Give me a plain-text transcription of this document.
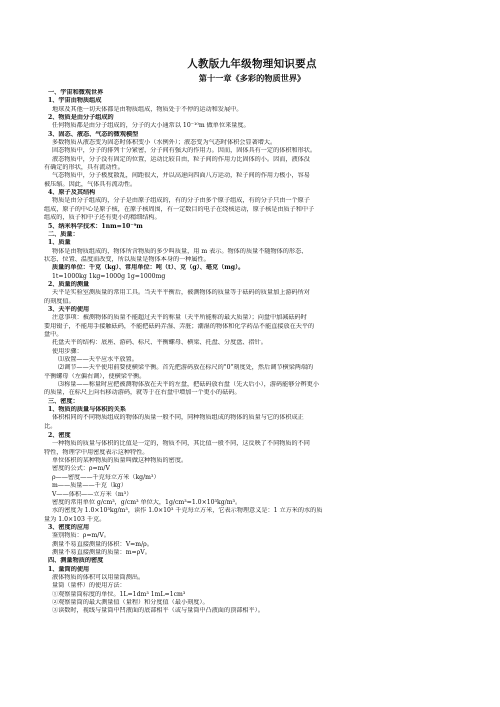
人教版九年级物理知识要点
第十一章《多彩的物质世界》
一、宇宙和微观世界
1、宇宙由物质组成
地球及其他一切天体都是由物质组成，物质处于不停的运动和发展中。
2、物质是由分子组成的
任何物质都是由分子组成的，分子的大小通常以 10⁻¹⁰m 做单位来量度。
3、固态、液态、气态的微观模型
多数物质从液态变为固态时体积变小（水例外）；液态变为气态时体积会显著增大。
固态物质中，分子的排列十分紧密，分子间有强大的作用力。因而，固体具有一定的体积和形状。
液态物质中，分子没有固定的位置，运动比较自由，粒子间的作用力比固体的小。因而，液体没
有确定的形状，具有流动性。
气态物质中，分子极度散乱，间距很大，并以高速向四面八方运动，粒子间的作用力极小，容易
被压缩。因此，气体具有流动性。
4、原子及其结构
物质是由分子组成的，分子是由原子组成的，有的分子由多个原子组成，有的分子只由一个原子
组成，原子的中心是原子核，在原子核周围，有一定数目的电子在绕核运动，原子核是由质子和中子
组成的，质子和中子还有更小的精细结构。
5、纳米科学技术：1nm=10⁻⁹m
二、质量：
1、质量
物体是由物质组成的，物体所含物质的多少叫质量，用 m 表示。物体的质量不随物体的形态、
状态、位置、温度而改变，所以质量是物体本身的一种属性。
质量的单位：千克（kg）、常用单位：吨（t）、克（g）、毫克（mg）。
1t=1000kg 1kg=1000g 1g=1000mg
2、质量的测量
天平是实验室测质量的常用工具。当天平平衡后，被测物体的质量等于砝码的质量加上游码所对
的刻度值。
3、天平的使用
注意事项：被测物体的质量不能超过天平的称量（天平所能称的最大质量）；向盘中加减砝码时
要用镊子，不能用手接触砝码，不能把砝码弄湿、弄脏；潮湿的物体和化学药品不能直接放在天平的
盘中。
托盘天平的结构：底座、游码、标尺、平衡螺母、横梁、托盘、分度盘、指针。
使用步骤：
⑴放置——天平应水平放置。
⑵调节——天平使用前要使横梁平衡。首先把游码放在标尺的"0"刻度处，然后调节横梁两端的
平衡螺母（左偏右调），使横梁平衡。
⑶称量——称量时应把被测物体放在天平的左盘，把砝码放右盘（先大后小），游码能够分辨更小
的质量，在标尺上向右移动游码，就等于在右盘中增加一个更小的砝码。
三、密度：
1、物质的质量与体积的关系
体积相同的不同物质组成的物体的质量一般不同，同种物质组成的物体的质量与它的体积成正
比。
2、密度
一种物质的质量与体积的比值是一定的，物质不同，其比值一般不同，这反映了不同物质的不同
特性，物理学中用密度表示这种特性。
单位体积的某种物质的质量叫做这种物质的密度。
密度的公式：ρ=m/V
ρ——密度——千克每立方米（kg/m³）
m——质量——千克（kg）
V——体积——立方米（m³）
密度的常用单位 g/cm³，g/cm³ 单位大，1g/cm³=1.0×10³kg/m³。
水的密度为 1.0×10³kg/m³，读作 1.0×10³ 千克每立方米，它表示物理意义是：1 立方米的水的质
量为 1.0×103 千克。
3、密度的应用
鉴别物质：ρ=m/V。
测量不易直接测量的体积：V=m/ρ。
测量不易直接测量的质量：m=ρV。
四、测量物质的密度
1、量筒的使用
液体物质的体积可以用量筒测出。
量筒（量杯）的使用方法：
①观察量筒标度的单位。1L=1dm³ 1mL=1cm³
②观察量筒的最大测量值（量程）和分度值（最小刻度）。
③读数时，视线与量筒中凹液面的底部相平（或与量筒中凸液面的顶部相平）。
